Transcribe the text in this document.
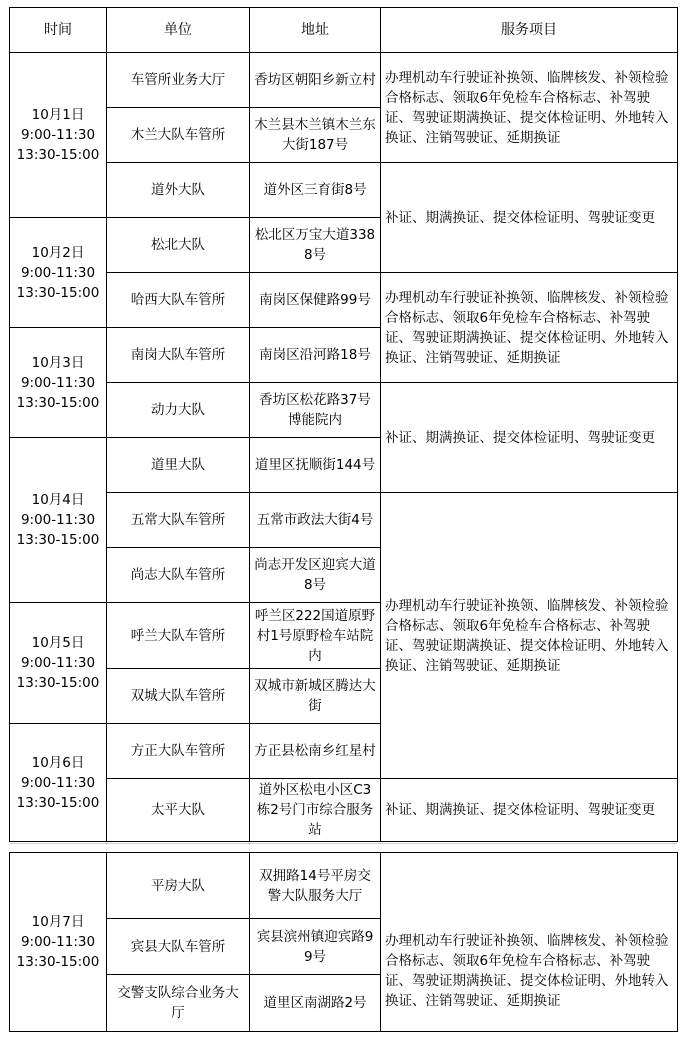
时间	单位	地址	服务项目

10月1日
9:00-11:30
13:30-15:00	车管所业务大厅	香坊区朝阳乡新立村	办理机动车行驶证补换领、临牌核发、补领检验合格标志、领取6年免检车合格标志、补驾驶证、驾驶证期满换证、提交体检证明、外地转入换证、注销驾驶证、延期换证
	木兰大队车管所	木兰县木兰镇木兰东大街187号	
	道外大队	道外区三育街8号	补证、期满换证、提交体检证明、驾驶证变更

10月2日
9:00-11:30
13:30-15:00	松北大队	松北区万宝大道3388号	
	哈西大队车管所	南岗区保健路99号	办理机动车行驶证补换领、临牌核发、补领检验合格标志、领取6年免检车合格标志、补驾驶证、驾驶证期满换证、提交体检证明、外地转入换证、注销驾驶证、延期换证

10月3日
9:00-11:30
13:30-15:00	南岗大队车管所	南岗区沿河路18号	
	动力大队	香坊区松花路37号博能院内	补证、期满换证、提交体检证明、驾驶证变更

10月4日
9:00-11:30
13:30-15:00	道里大队	道里区抚顺街144号	
	五常大队车管所	五常市政法大街4号	办理机动车行驶证补换领、临牌核发、补领检验合格标志、领取6年免检车合格标志、补驾驶证、驾驶证期满换证、提交体检证明、外地转入换证、注销驾驶证、延期换证
	尚志大队车管所	尚志开发区迎宾大道8号	

10月5日
9:00-11:30
13:30-15:00	呼兰大队车管所	呼兰区222国道原野村1号原野检车站院内	
	双城大队车管所	双城市新城区腾达大街	

10月6日
9:00-11:30
13:30-15:00	方正大队车管所	方正县松南乡红星村	
	太平大队	道外区松电小区C3栋2号门市综合服务站	补证、期满换证、提交体检证明、驾驶证变更
10月7日
9:00-11:30
13:30-15:00	平房大队	双拥路14号平房交警大队服务大厅	办理机动车行驶证补换领、临牌核发、补领检验合格标志、领取6年免检车合格标志、补驾驶证、驾驶证期满换证、提交体检证明、外地转入换证、注销驾驶证、延期换证

	宾县大队车管所	宾县滨州镇迎宾路99号	
	交警支队综合业务大厅	道里区南湖路2号	
